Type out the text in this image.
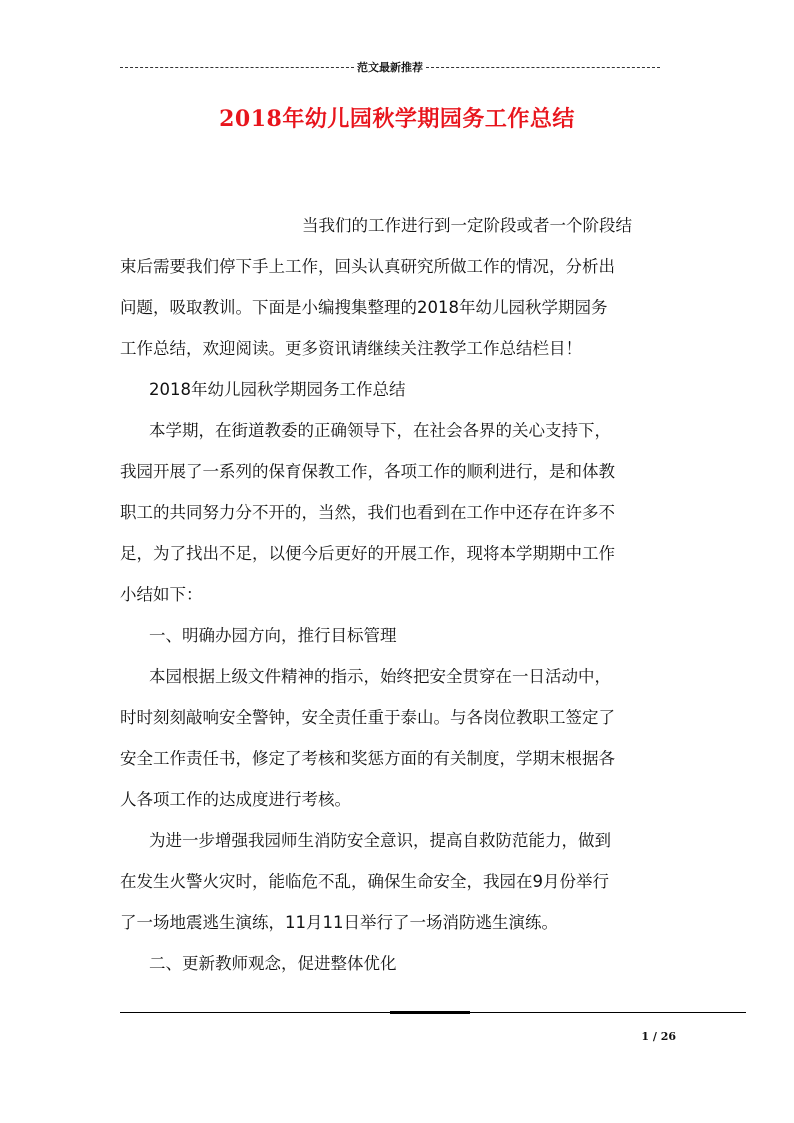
范文最新推荐
2018年幼儿园秋学期园务工作总结
当我们的工作进行到一定阶段或者一个阶段结
束后需要我们停下手上工作，回头认真研究所做工作的情况，分析出
问题，吸取教训。下面是小编搜集整理的2018年幼儿园秋学期园务
工作总结，欢迎阅读。更多资讯请继续关注教学工作总结栏目！
2018年幼儿园秋学期园务工作总结
本学期，在街道教委的正确领导下，在社会各界的关心支持下，
我园开展了一系列的保育保教工作，各项工作的顺利进行，是和体教
职工的共同努力分不开的，当然，我们也看到在工作中还存在许多不
足，为了找出不足，以便今后更好的开展工作，现将本学期期中工作
小结如下：
一、明确办园方向，推行目标管理
本园根据上级文件精神的指示，始终把安全贯穿在一日活动中，
时时刻刻敲响安全警钟，安全责任重于泰山。与各岗位教职工签定了
安全工作责任书，修定了考核和奖惩方面的有关制度，学期末根据各
人各项工作的达成度进行考核。
为进一步增强我园师生消防安全意识，提高自救防范能力，做到
在发生火警火灾时，能临危不乱，确保生命安全，我园在9月份举行
了一场地震逃生演练，11月11日举行了一场消防逃生演练。
二、更新教师观念，促进整体优化
1 / 26
